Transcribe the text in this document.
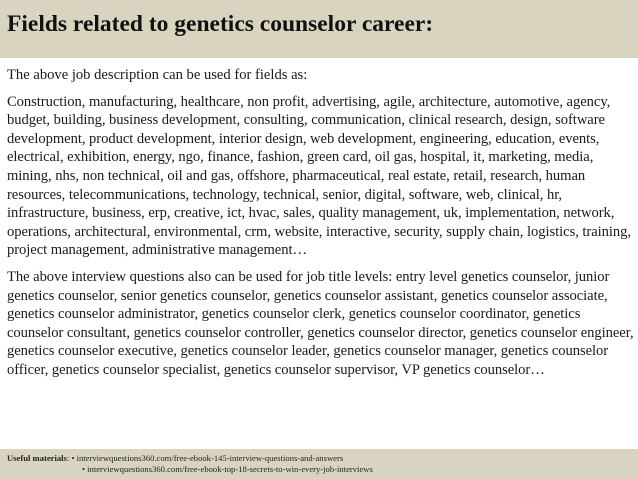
Fields related to genetics counselor career:

The above job description can be used for fields as:

Construction, manufacturing, healthcare, non profit, advertising, agile, architecture, automotive, agency, budget, building, business development, consulting, communication, clinical research, design, software development, product development, interior design, web development, engineering, education, events, electrical, exhibition, energy, ngo, finance, fashion, green card, oil gas, hospital, it, marketing, media, mining, nhs, non technical, oil and gas, offshore, pharmaceutical, real estate, retail, research, human resources, telecommunications, technology, technical, senior, digital, software, web, clinical, hr, infrastructure, business, erp, creative, ict, hvac, sales, quality management, uk, implementation, network, operations, architectural, environmental, crm, website, interactive, security, supply chain, logistics, training, project management, administrative management…

The above interview questions also can be used for job title levels: entry level genetics counselor, junior genetics counselor, senior genetics counselor, genetics counselor assistant, genetics counselor associate, genetics counselor administrator, genetics counselor clerk, genetics counselor coordinator, genetics counselor consultant, genetics counselor controller, genetics counselor director, genetics counselor engineer, genetics counselor executive, genetics counselor leader, genetics counselor manager, genetics counselor officer, genetics counselor specialist, genetics counselor supervisor, VP genetics counselor…

Useful materials: • interviewquestions360.com/free-ebook-145-interview-questions-and-answers
• interviewquestions360.com/free-ebook-top-18-secrets-to-win-every-job-interviews
